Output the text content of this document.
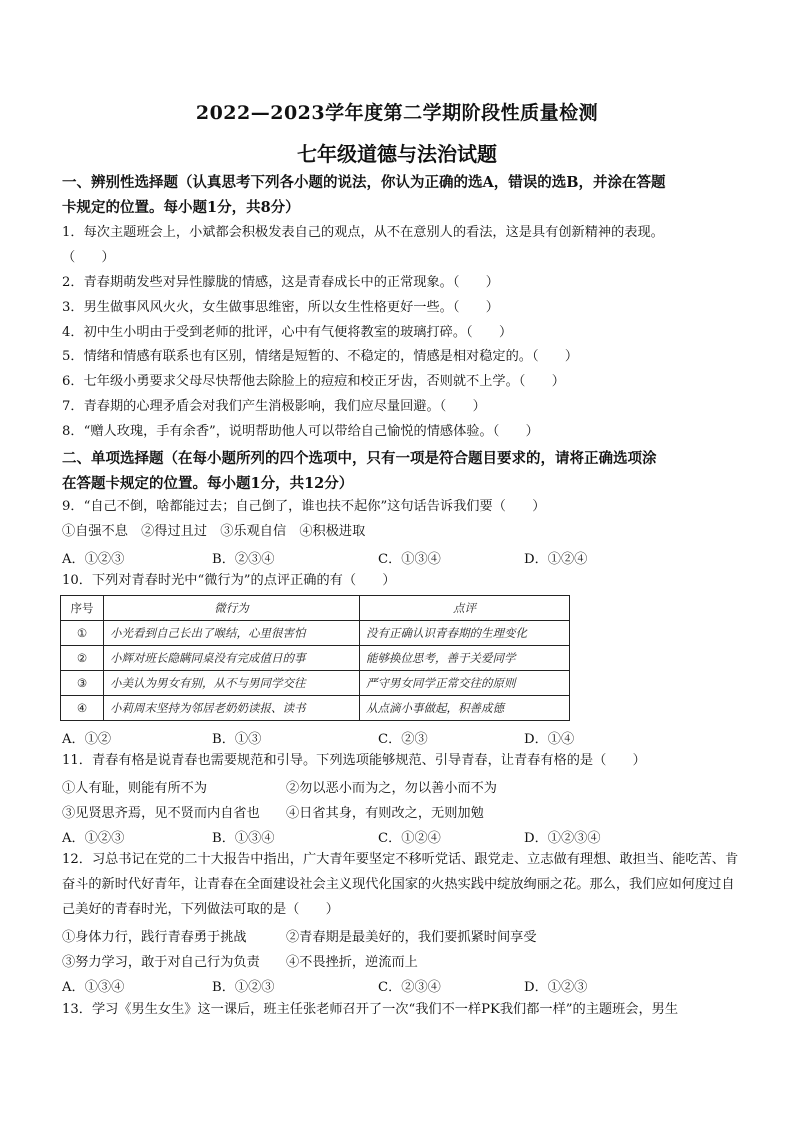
2022—2023学年度第二学期阶段性质量检测
七年级道德与法治试题
一、辨别性选择题（认真思考下列各小题的说法，你认为正确的选A，错误的选B，并涂在答题
卡规定的位置。每小题1分，共8分）
1．每次主题班会上，小斌都会积极发表自己的观点，从不在意别人的看法，这是具有创新精神的表现。
（　　）
2．青春期萌发些对异性朦胧的情感，这是青春成长中的正常现象。（　　）
3．男生做事风风火火，女生做事思维密，所以女生性格更好一些。（　　）
4．初中生小明由于受到老师的批评，心中有气便将教室的玻璃打碎。（　　）
5．情绪和情感有联系也有区别，情绪是短暂的、不稳定的，情感是相对稳定的。（　　）
6．七年级小勇要求父母尽快帮他去除脸上的痘痘和校正牙齿，否则就不上学。（　　）
7．青春期的心理矛盾会对我们产生消极影响，我们应尽量回避。（　　）
8．“赠人玫瑰，手有余香”，说明帮助他人可以带给自己愉悦的情感体验。（　　）
二、单项选择题（在每小题所列的四个选项中，只有一项是符合题目要求的，请将正确选项涂
在答题卡规定的位置。每小题1分，共12分）
9．“自己不倒，啥都能过去；自己倒了，谁也扶不起你”这句话告诉我们要（　　）
①自强不息　②得过且过　③乐观自信　④积极进取
A．①②③	B．②③④	C．①③④	D．①②④
10．下列对青春时光中“微行为”的点评正确的有（　　）
序号	微行为	点评
①	小光看到自己长出了喉结，心里很害怕	没有正确认识青春期的生理变化
②	小辉对班长隐瞒同桌没有完成值日的事	能够换位思考，善于关爱同学
③	小美认为男女有别，从不与男同学交往	严守男女同学正常交往的原则
④	小莉周末坚持为邻居老奶奶读报、读书	从点滴小事做起，积善成德
A．①②	B．①③	C．②③	D．①④
11．青春有格是说青春也需要规范和引导。下列选项能够规范、引导青春，让青春有格的是（　　）
①人有耻，则能有所不为	②勿以恶小而为之，勿以善小而不为
③见贤思齐焉，见不贤而内自省也 ④日省其身，有则改之，无则加勉
A．①②③	B．①③④	C．①②④	D．①②③④
12．习总书记在党的二十大报告中指出，广大青年要坚定不移听党话、跟党走、立志做有理想、敢担当、能吃苦、肯奋斗的新时代好青年，让青春在全面建设社会主义现代化国家的火热实践中绽放绚丽之花。那么，我们应如何度过自己美好的青春时光，下列做法可取的是（　　）
①身体力行，践行青春勇于挑战	②青春期是最美好的，我们要抓紧时间享受
③努力学习，敢于对自己行为负责 ④不畏挫折，逆流而上
A．①③④	B．①②③	C．②③④	D．①②③
13．学习《男生女生》这一课后，班主任张老师召开了一次“我们不一样PK我们都一样”的主题班会，男生
